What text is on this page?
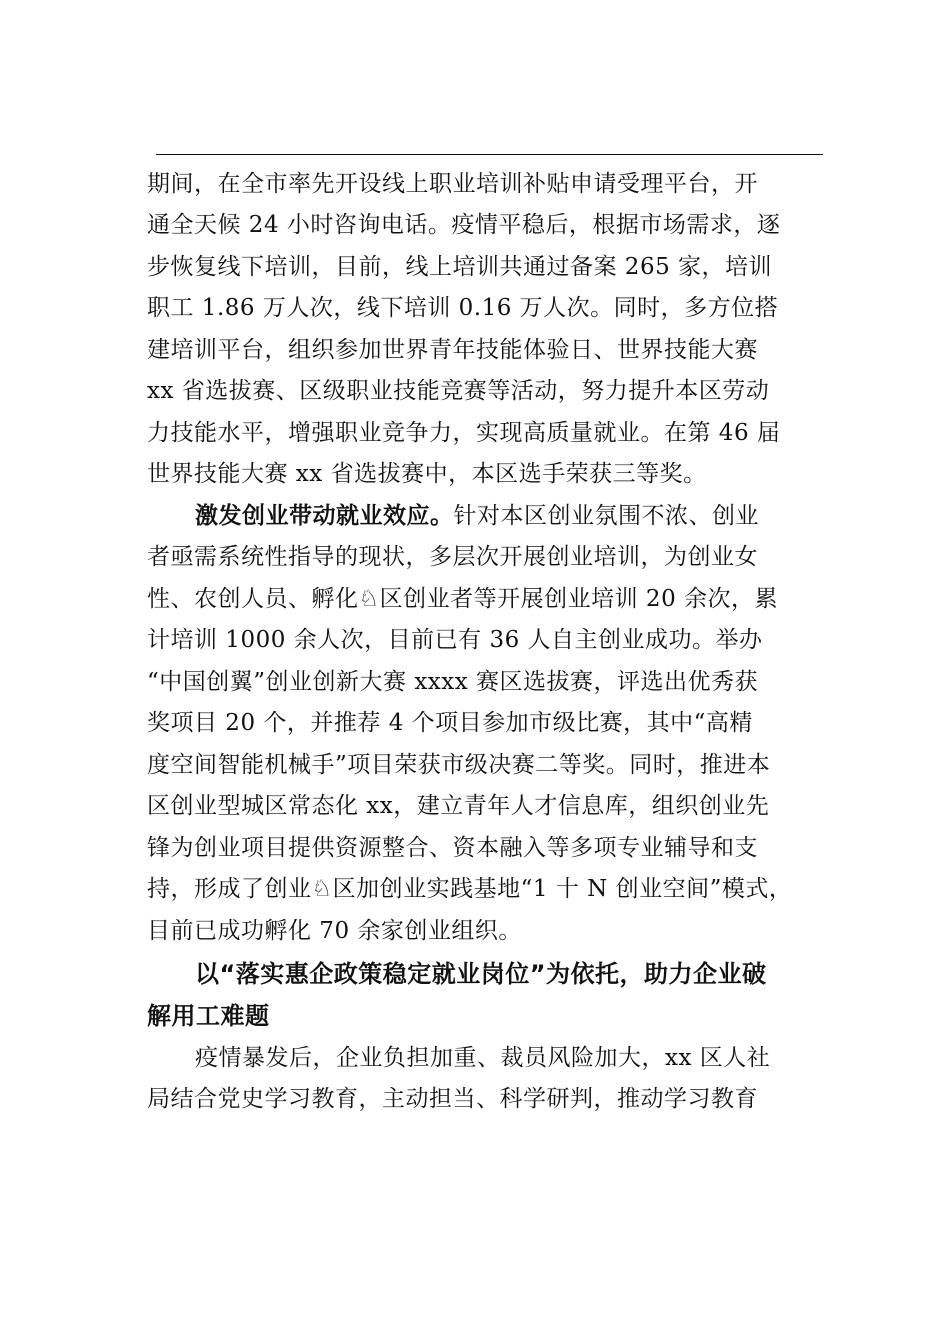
期间，在全市率先开设线上职业培训补贴申请受理平台，开
通全天候 24 小时咨询电话。疫情平稳后，根据市场需求，逐
步恢复线下培训，目前，线上培训共通过备案 265 家，培训
职工 1.86 万人次，线下培训 0.16 万人次。同时，多方位搭
建培训平台，组织参加世界青年技能体验日、世界技能大赛
xx 省选拔赛、区级职业技能竞赛等活动，努力提升本区劳动
力技能水平，增强职业竞争力，实现高质量就业。在第 46 届
世界技能大赛 xx 省选拔赛中，本区选手荣获三等奖。
激发创业带动就业效应。针对本区创业氛围不浓、创业
者亟需系统性指导的现状，多层次开展创业培训，为创业女
性、农创人员、孵化♘区创业者等开展创业培训 20 余次，累
计培训 1000 余人次，目前已有 36 人自主创业成功。举办
“中国创翼”创业创新大赛 xxxx 赛区选拔赛，评选出优秀获
奖项目 20 个，并推荐 4 个项目参加市级比赛，其中“高精
度空间智能机械手”项目荣获市级决赛二等奖。同时，推进本
区创业型城区常态化 xx，建立青年人才信息库，组织创业先
锋为创业项目提供资源整合、资本融入等多项专业辅导和支
持，形成了创业♘区加创业实践基地“1 十 N 创业空间”模式，
目前已成功孵化 70 余家创业组织。
以“落实惠企政策稳定就业岗位”为依托，助力企业破
解用工难题
疫情暴发后，企业负担加重、裁员风险加大，xx 区人社
局结合党史学习教育，主动担当、科学研判，推动学习教育
